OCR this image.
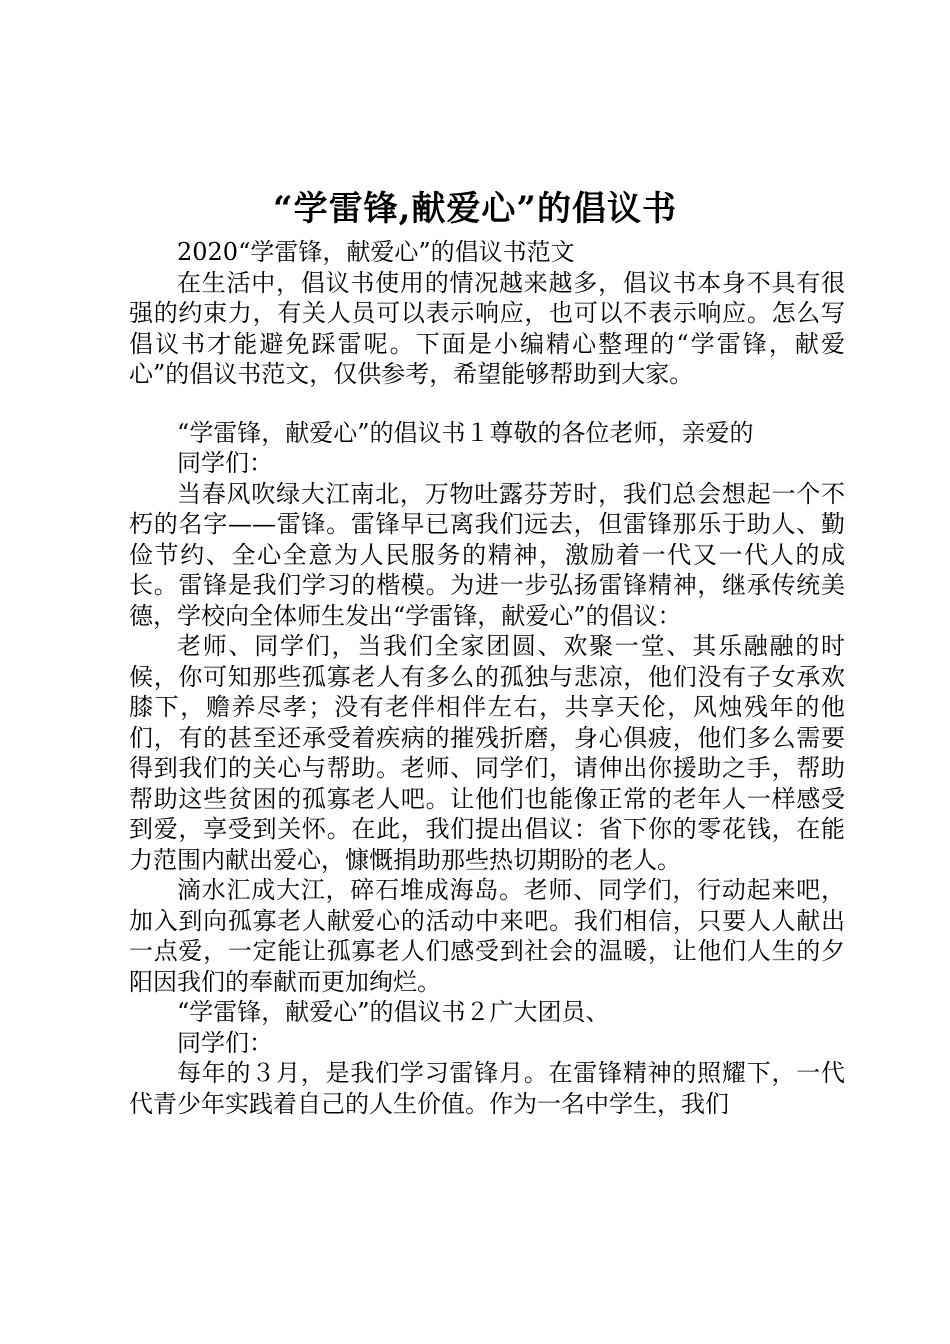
“学雷锋,献爱心”的倡议书

2020“学雷锋，献爱心”的倡议书范文

在生活中，倡议书使用的情况越来越多，倡议书本身不具有很强的约束力，有关人员可以表示响应，也可以不表示响应。怎么写倡议书才能避免踩雷呢。下面是小编精心整理的“学雷锋，献爱心”的倡议书范文，仅供参考，希望能够帮助到大家。

“学雷锋，献爱心”的倡议书１尊敬的各位老师，亲爱的

同学们：

当春风吹绿大江南北，万物吐露芬芳时，我们总会想起一个不朽的名字——雷锋。雷锋早已离我们远去，但雷锋那乐于助人、勤俭节约、全心全意为人民服务的精神，激励着一代又一代人的成长。雷锋是我们学习的楷模。为进一步弘扬雷锋精神，继承传统美德，学校向全体师生发出“学雷锋，献爱心”的倡议：

老师、同学们，当我们全家团圆、欢聚一堂、其乐融融的时候，你可知那些孤寡老人有多么的孤独与悲凉，他们没有子女承欢膝下，赡养尽孝；没有老伴相伴左右，共享天伦，风烛残年的他们，有的甚至还承受着疾病的摧残折磨，身心俱疲，他们多么需要得到我们的关心与帮助。老师、同学们，请伸出你援助之手，帮助帮助这些贫困的孤寡老人吧。让他们也能像正常的老年人一样感受到爱，享受到关怀。在此，我们提出倡议：省下你的零花钱，在能力范围内献出爱心，慷慨捐助那些热切期盼的老人。

滴水汇成大江，碎石堆成海岛。老师、同学们，行动起来吧，加入到向孤寡老人献爱心的活动中来吧。我们相信，只要人人献出一点爱，一定能让孤寡老人们感受到社会的温暖，让他们人生的夕阳因我们的奉献而更加绚烂。

“学雷锋，献爱心”的倡议书２广大团员、

同学们：

每年的３月，是我们学习雷锋月。在雷锋精神的照耀下，一代代青少年实践着自己的人生价值。作为一名中学生，我们
